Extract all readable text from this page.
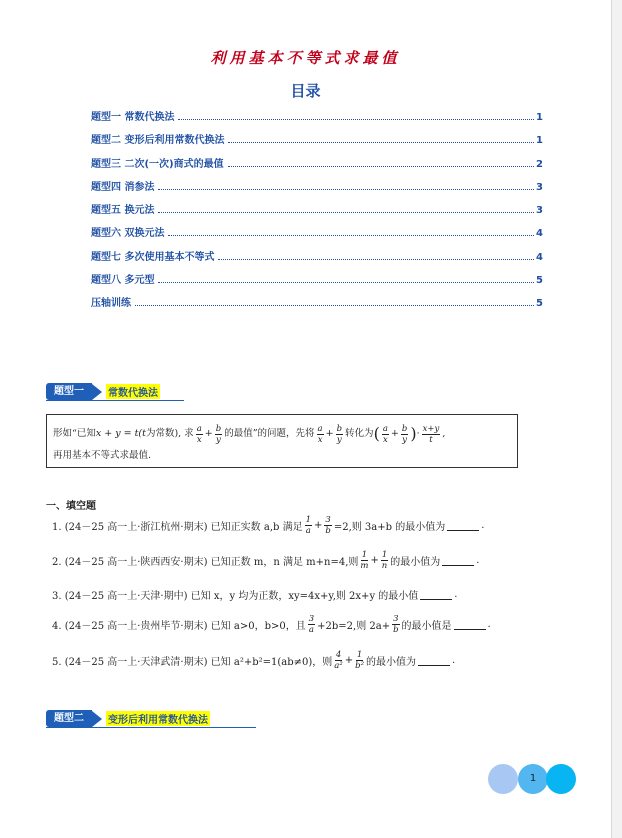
利用基本不等式求最值
目录
题型一 常数代换法	1
题型二 变形后利用常数代换法	1
题型三 二次(一次)商式的最值	2
题型四 消参法	3
题型五 换元法	3
题型六 双换元法	4
题型七 多次使用基本不等式	4
题型八 多元型	5
压轴训练	5
题型一	常数代换法
形如“已知 x + y = t(t 为常数), 求 $\frac{a}{x} + \frac{b}{y}$ 的最值”的问题，先将 $\frac{a}{x} + \frac{b}{y}$ 转化为 ( $\frac{a}{x} + \frac{b}{y}$ ) · $\frac{x+y}{t}$ ,
再用基本不等式求最值.
一、填空题
1. (24－25 高一上·浙江杭州·期末) 已知正实数 a,b 满足 $\frac{1}{a} + \frac{3}{b} =2$,则 3a+b 的最小值为	.
2. (24－25 高一上·陕西西安·期末) 已知正数 m，n 满足 m+n=4,则 $\frac{1}{m} + \frac{1}{n}$ 的最小值为	.
3. (24－25 高一上·天津·期中) 已知 x，y 均为正数，xy=4x+y,则 2x+y 的最小值	.
4. (24－25 高一上·贵州毕节·期末) 已知 a>0，b>0，且 $\frac{3}{a} +2b=2$,则 $2a+ \frac{3}{b}$ 的最小值是	.
5. (24－25 高一上·天津武清·期末) 已知 a²+b²=1(ab≠0)，则 $\frac{4}{\text{a²}} + \frac{1}{\text{b²}}$ 的最小值为	.
题型二	变形后利用常数代换法
1
